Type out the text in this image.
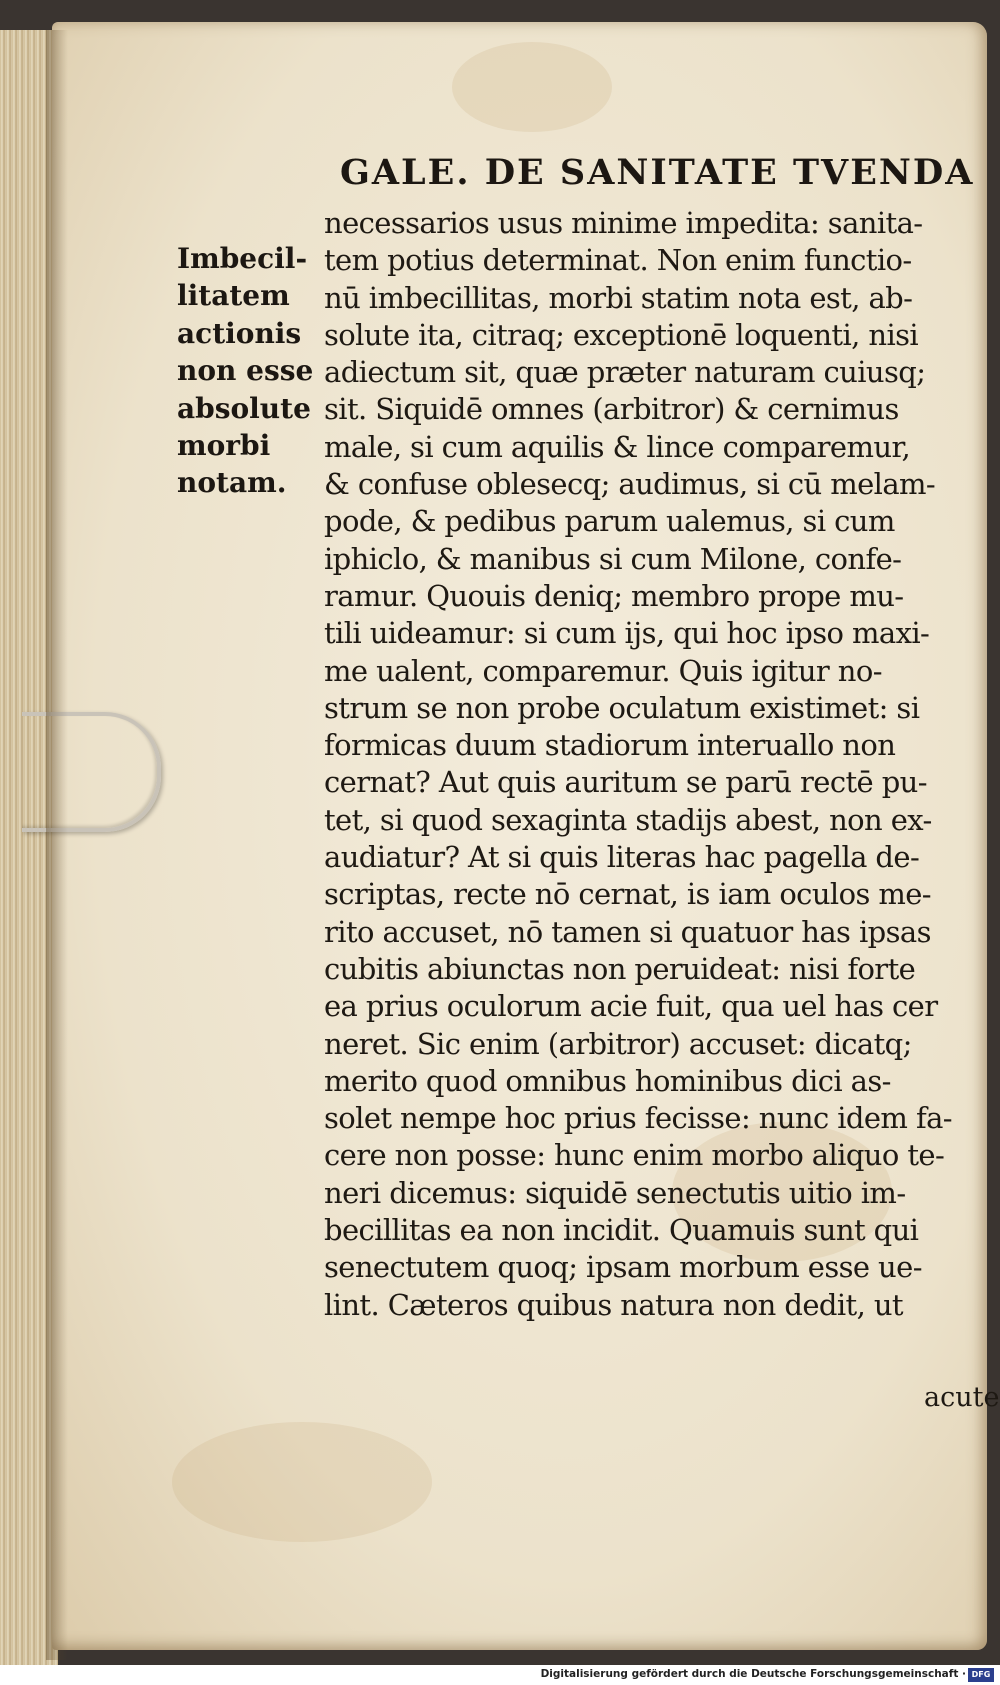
GALE. DE SANITATE TVENDA
Imbecil-
litatem
actionis
non esse
absolute
morbi
notam.
necessarios usus minime impedita: sanita-
tem potius determinat. Non enim functio-
nū imbecillitas, morbi statim nota est, ab-
solute ita, citraq; exceptionē loquenti, nisi
adiectum sit, quæ præter naturam cuiusq;
sit. Siquidē omnes (arbitror) & cernimus
male, si cum aquilis & lince comparemur,
& confuse oblesecq; audimus, si cū melam-
pode, & pedibus parum ualemus, si cum
iphiclo, & manibus si cum Milone, confe-
ramur. Quouis deniq; membro prope mu-
tili uideamur: si cum ijs, qui hoc ipso maxi-
me ualent, comparemur. Quis igitur no-
strum se non probe oculatum existimet: si
formicas duum stadiorum interuallo non
cernat? Aut quis auritum se parū rectē pu-
tet, si quod sexaginta stadijs abest, non ex-
audiatur? At si quis literas hac pagella de-
scriptas, recte nō cernat, is iam oculos me-
rito accuset, nō tamen si quatuor has ipsas
cubitis abiunctas non peruideat: nisi forte
ea prius oculorum acie fuit, qua uel has cer
neret. Sic enim (arbitror) accuset: dicatq;
merito quod omnibus hominibus dici as-
solet nempe hoc prius fecisse: nunc idem fa-
cere non posse: hunc enim morbo aliquo te-
neri dicemus: siquidē senectutis uitio im-
becillitas ea non incidit. Quamuis sunt qui
senectutem quoq; ipsam morbum esse ue-
lint. Cæteros quibus natura non dedit, ut
acute
Digitalisierung gefördert durch die Deutsche Forschungsgemeinschaft · DFG
